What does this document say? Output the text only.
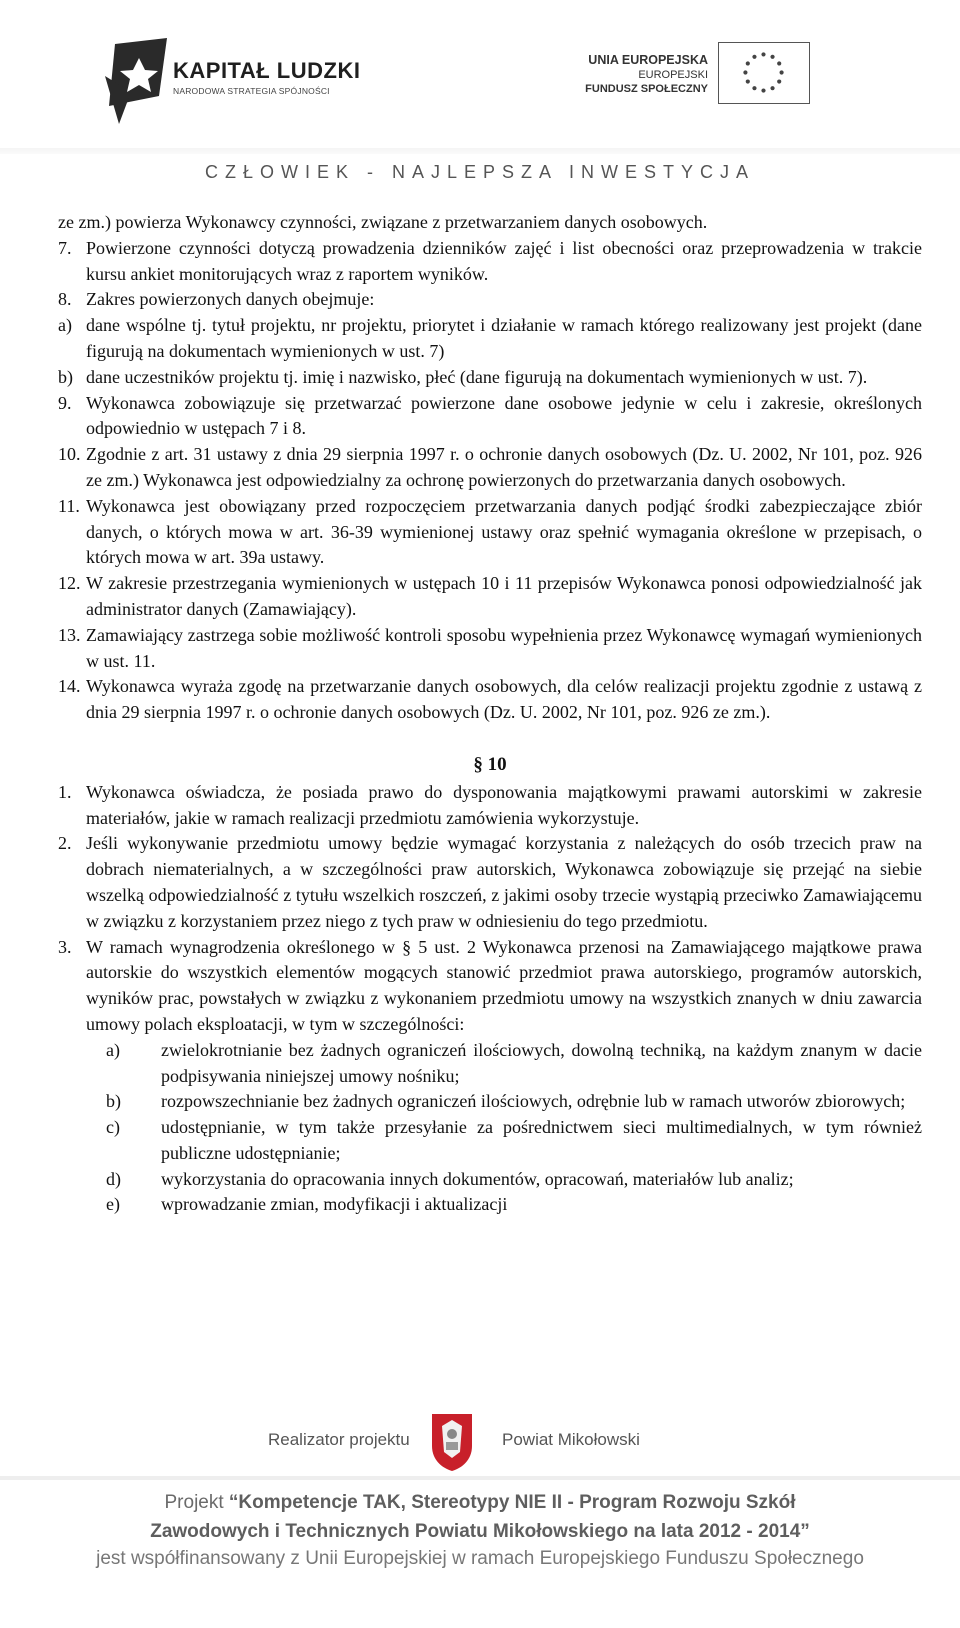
KAPITAŁ LUDZKI
NARODOWA STRATEGIA SPÓJNOŚCI
UNIA EUROPEJSKA
EUROPEJSKI
FUNDUSZ SPOŁECZNY
CZŁOWIEK - NAJLEPSZA INWESTYCJA
ze zm.) powierza Wykonawcy czynności, związane z przetwarzaniem danych osobowych.
7. Powierzone czynności dotyczą prowadzenia dzienników zajęć i list obecności oraz przeprowadzenia w trakcie kursu ankiet monitorujących wraz z raportem wyników.
8. Zakres powierzonych danych obejmuje:
a) dane wspólne tj. tytuł projektu, nr projektu, priorytet i działanie w ramach którego realizowany jest projekt (dane figurują na dokumentach wymienionych w ust. 7)
b) dane uczestników projektu tj. imię i nazwisko, płeć (dane figurują na dokumentach wymienionych w ust. 7).
9. Wykonawca zobowiązuje się przetwarzać powierzone dane osobowe jedynie w celu i zakresie, określonych odpowiednio w ustępach 7 i 8.
10. Zgodnie z art. 31 ustawy z dnia 29 sierpnia 1997 r. o ochronie danych osobowych (Dz. U. 2002, Nr 101, poz. 926 ze zm.) Wykonawca jest odpowiedzialny za ochronę powierzonych do przetwarzania danych osobowych.
11. Wykonawca jest obowiązany przed rozpoczęciem przetwarzania danych podjąć środki zabezpieczające zbiór danych, o których mowa w art. 36-39 wymienionej ustawy oraz spełnić wymagania określone w przepisach, o których mowa w art. 39a ustawy.
12. W zakresie przestrzegania wymienionych w ustępach 10 i 11 przepisów Wykonawca ponosi odpowiedzialność jak administrator danych (Zamawiający).
13. Zamawiający zastrzega sobie możliwość kontroli sposobu wypełnienia przez Wykonawcę wymagań wymienionych w ust. 11.
14. Wykonawca wyraża zgodę na przetwarzanie danych osobowych, dla celów realizacji projektu zgodnie z ustawą z dnia 29 sierpnia 1997 r. o ochronie danych osobowych (Dz. U. 2002, Nr 101, poz. 926 ze zm.).
§ 10
1. Wykonawca oświadcza, że posiada prawo do dysponowania majątkowymi prawami autorskimi w zakresie materiałów, jakie w ramach realizacji przedmiotu zamówienia wykorzystuje.
2. Jeśli wykonywanie przedmiotu umowy będzie wymagać korzystania z należących do osób trzecich praw na dobrach niematerialnych, a w szczególności praw autorskich, Wykonawca zobowiązuje się przejąć na siebie wszelką odpowiedzialność z tytułu wszelkich roszczeń, z jakimi osoby trzecie wystąpią przeciwko Zamawiającemu w związku z korzystaniem przez niego z tych praw w odniesieniu do tego przedmiotu.
3. W ramach wynagrodzenia określonego w § 5 ust. 2 Wykonawca przenosi na Zamawiającego majątkowe prawa autorskie do wszystkich elementów mogących stanowić przedmiot prawa autorskiego, programów autorskich, wyników prac, powstałych w związku z wykonaniem przedmiotu umowy na wszystkich znanych w dniu zawarcia umowy polach eksploatacji, w tym w szczególności:
a)	zwielokrotnianie bez żadnych ograniczeń ilościowych, dowolną techniką, na każdym znanym w dacie podpisywania niniejszej umowy nośniku;
b)	rozpowszechnianie bez żadnych ograniczeń ilościowych, odrębnie lub w ramach utworów zbiorowych;
c)	udostępnianie, w tym także przesyłanie za pośrednictwem sieci multimedialnych, w tym również publiczne udostępnianie;
d)	wykorzystania do opracowania innych dokumentów, opracowań, materiałów lub analiz;
e)	wprowadzanie zmian, modyfikacji i aktualizacji
Realizator projektu	Powiat Mikołowski
Projekt “Kompetencje TAK, Stereotypy NIE II - Program Rozwoju Szkół
Zawodowych i Technicznych Powiatu Mikołowskiego na lata 2012 - 2014”
jest współfinansowany z Unii Europejskiej w ramach Europejskiego Funduszu Społecznego
